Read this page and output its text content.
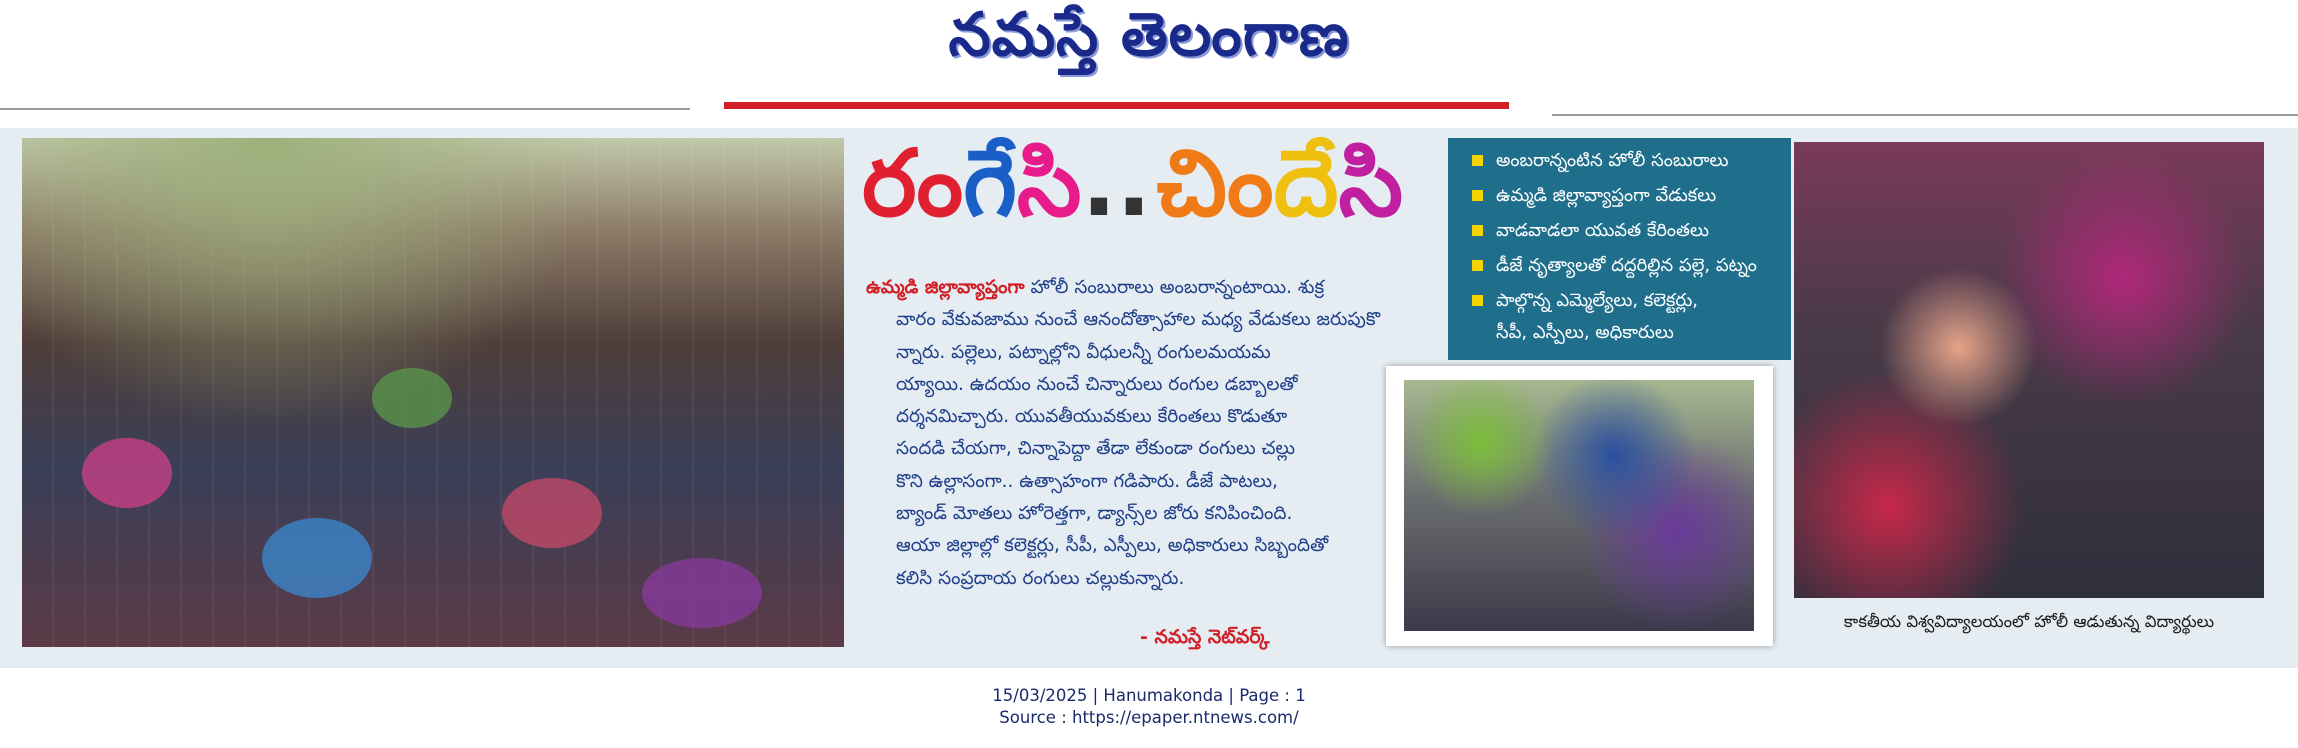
నమస్తే తెలంగాణ
రంగేసి.. చిందేసి
ఉమ్మడి జిల్లావ్యాప్తంగా హోలీ సంబురాలు అంబరాన్నంటాయి. శుక్ర
వారం వేకువజాము నుంచే ఆనందోత్సాహాల మధ్య వేడుకలు జరుపుకొ
న్నారు. పల్లెలు, పట్నాల్లోని వీధులన్నీ రంగులమయమ
య్యాయి. ఉదయం నుంచే చిన్నారులు రంగుల డబ్బాలతో
దర్శనమిచ్చారు. యువతీయువకులు కేరింతలు కొడుతూ
సందడి చేయగా, చిన్నాపెద్దా తేడా లేకుండా రంగులు చల్లు
కొని ఉల్లాసంగా.. ఉత్సాహంగా గడిపారు. డీజే పాటలు,
బ్యాండ్ మోతలు హోరెత్తగా, డ్యాన్స్‌ల జోరు కనిపించింది.
ఆయా జిల్లాల్లో కలెక్టర్లు, సీపీ, ఎస్పీలు, అధికారులు సిబ్బందితో
కలిసి సంప్రదాయ రంగులు చల్లుకున్నారు.
- నమస్తే నెట్‌వర్క్
అంబరాన్నంటిన హోలీ సంబురాలు
ఉమ్మడి జిల్లావ్యాప్తంగా వేడుకలు
వాడవాడలా యువత కేరింతలు
డీజే నృత్యాలతో దద్దరిల్లిన పల్లె, పట్నం
పాల్గొన్న ఎమ్మెల్యేలు, కలెక్టర్లు,
సీపీ, ఎస్పీలు, అధికారులు
కాకతీయ విశ్వవిద్యాలయంలో హోలీ ఆడుతున్న విద్యార్థులు
15/03/2025 | Hanumakonda | Page : 1
Source : https://epaper.ntnews.com/
